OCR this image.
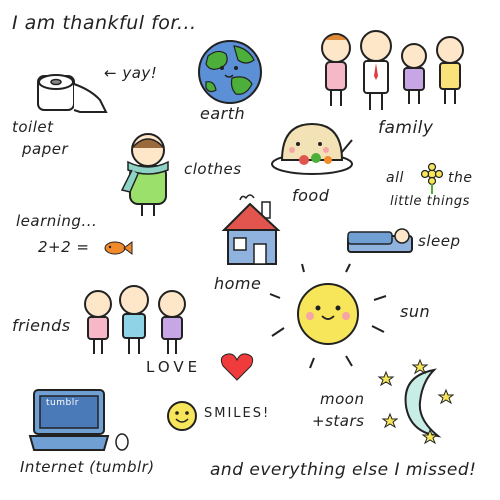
I am thankful for...
← yay!
toilet
paper
earth
family
clothes
food
all	the
little things
learning...
2+2 =
home
sleep
sun
friends
LOVE
tumblr
Internet (tumblr)
SMILES!
moon
+stars
and everything else I missed!
